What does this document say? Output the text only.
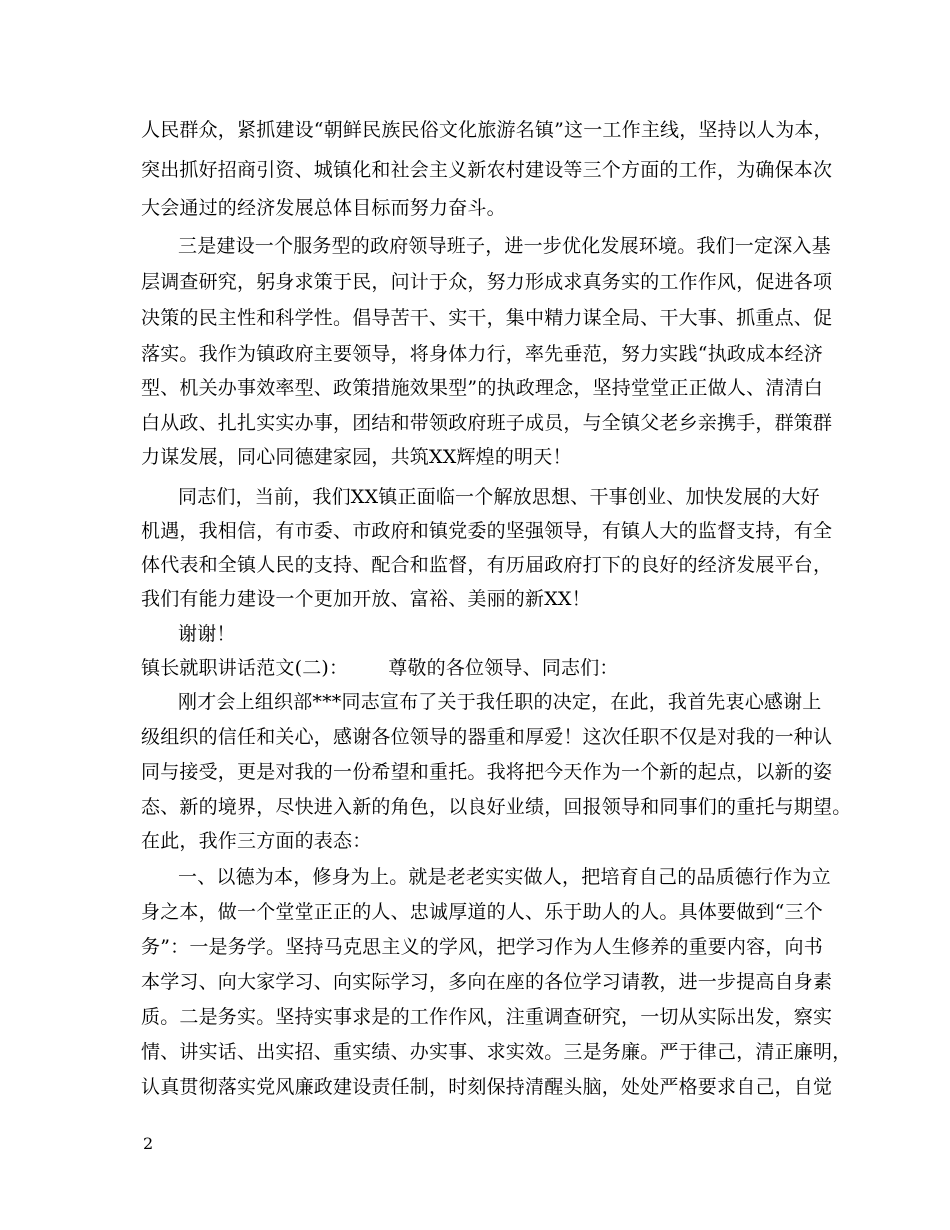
人民群众，紧抓建设“朝鲜民族民俗文化旅游名镇”这一工作主线，坚持以人为本，
突出抓好招商引资、城镇化和社会主义新农村建设等三个方面的工作，为确保本次
大会通过的经济发展总体目标而努力奋斗。
三是建设一个服务型的政府领导班子，进一步优化发展环境。我们一定深入基
层调查研究，躬身求策于民，问计于众，努力形成求真务实的工作作风，促进各项
决策的民主性和科学性。倡导苦干、实干，集中精力谋全局、干大事、抓重点、促
落实。我作为镇政府主要领导，将身体力行，率先垂范，努力实践“执政成本经济
型、机关办事效率型、政策措施效果型”的执政理念，坚持堂堂正正做人、清清白
白从政、扎扎实实办事，团结和带领政府班子成员，与全镇父老乡亲携手，群策群
力谋发展，同心同德建家园，共筑XX辉煌的明天！
同志们，当前，我们XX镇正面临一个解放思想、干事创业、加快发展的大好
机遇，我相信，有市委、市政府和镇党委的坚强领导，有镇人大的监督支持，有全
体代表和全镇人民的支持、配合和监督，有历届政府打下的良好的经济发展平台，
我们有能力建设一个更加开放、富裕、美丽的新XX！
谢谢！
镇长就职讲话范文(二)： 尊敬的各位领导、同志们：
刚才会上组织部***同志宣布了关于我任职的决定，在此，我首先衷心感谢上
级组织的信任和关心，感谢各位领导的器重和厚爱！这次任职不仅是对我的一种认
同与接受，更是对我的一份希望和重托。我将把今天作为一个新的起点，以新的姿
态、新的境界，尽快进入新的角色，以良好业绩，回报领导和同事们的重托与期望。
在此，我作三方面的表态：
一、以德为本，修身为上。就是老老实实做人，把培育自己的品质德行作为立
身之本，做一个堂堂正正的人、忠诚厚道的人、乐于助人的人。具体要做到“三个
务”：一是务学。坚持马克思主义的学风，把学习作为人生修养的重要内容，向书
本学习、向大家学习、向实际学习，多向在座的各位学习请教，进一步提高自身素
质。二是务实。坚持实事求是的工作作风，注重调查研究，一切从实际出发，察实
情、讲实话、出实招、重实绩、办实事、求实效。三是务廉。严于律己，清正廉明，
认真贯彻落实党风廉政建设责任制，时刻保持清醒头脑，处处严格要求自己，自觉
2
